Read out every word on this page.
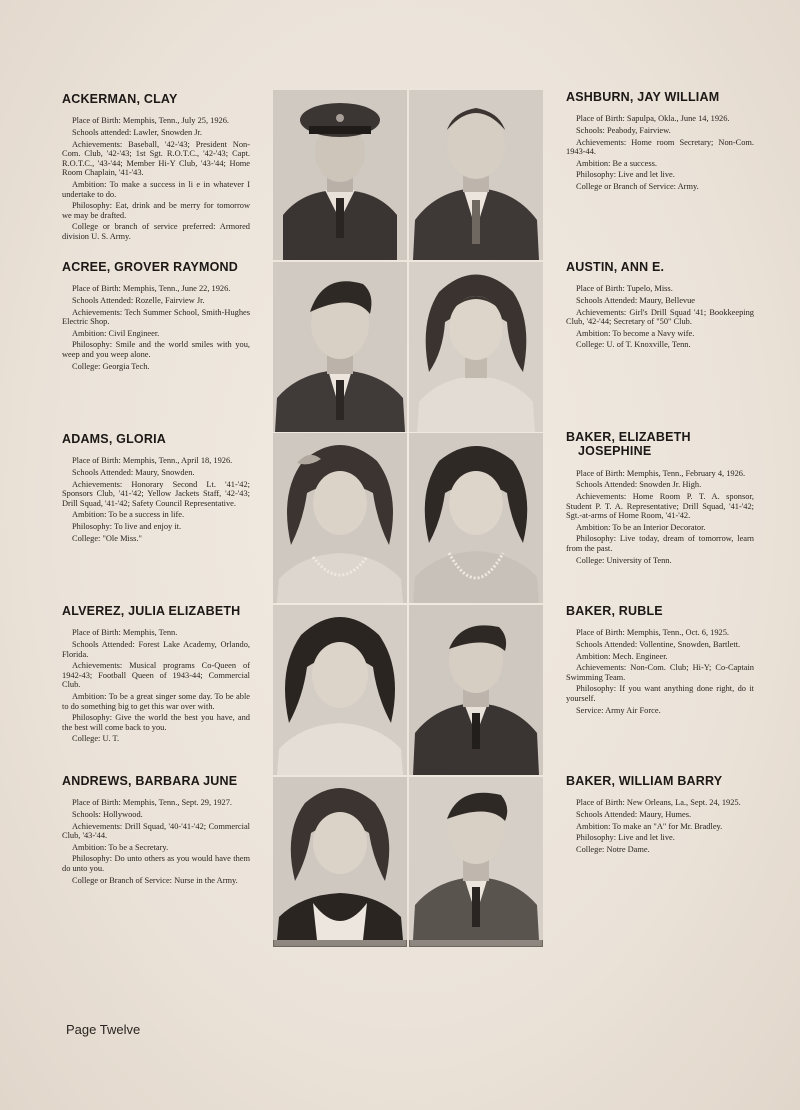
ACKERMAN, CLAY

Place of Birth: Memphis, Tenn., July 25, 1926.

Schools attended: Lawler, Snowden Jr.

Achievements: Baseball, '42-'43; President Non-Com. Club, '42-'43; 1st Sgt. R.O.T.C., '42-'43; Capt. R.O.T.C., '43-'44; Member Hi-Y Club, '43-'44; Home Room Chaplain, '41-'43.

Ambition: To make a success in li e in whatever I undertake to do.

Philosophy: Eat, drink and be merry for tomorrow we may be drafted.

College or branch of service preferred: Armored division U. S. Army.

ACREE, GROVER RAYMOND

Place of Birth: Memphis, Tenn., June 22, 1926.

Schools Attended: Rozelle, Fairview Jr.

Achievements: Tech Summer School, Smith-Hughes Electric Shop.

Ambition: Civil Engineer.

Philosophy: Smile and the world smiles with you, weep and you weep alone.

College: Georgia Tech.

ADAMS, GLORIA

Place of Birth: Memphis, Tenn., April 18, 1926.

Schools Attended: Maury, Snowden.

Achievements: Honorary Second Lt. '41-'42; Sponsors Club, '41-'42; Yellow Jackets Staff, '42-'43; Drill Squad, '41-'42; Safety Council Representative.

Ambition: To be a success in life.

Philosophy: To live and enjoy it.

College: "Ole Miss."

ALVEREZ, JULIA ELIZABETH

Place of Birth: Memphis, Tenn.

Schools Attended: Forest Lake Academy, Orlando, Florida.

Achievements: Musical programs Co-Queen of 1942-43; Football Queen of 1943-44; Commercial Club.

Ambition: To be a great singer some day. To be able to do something big to get this war over with.

Philosophy: Give the world the best you have, and the best will come back to you.

College: U. T.

ANDREWS, BARBARA JUNE

Place of Birth: Memphis, Tenn., Sept. 29, 1927.

Schools: Hollywood.

Achievements: Drill Squad, '40-'41-'42; Commercial Club, '43-'44.

Ambition: To be a Secretary.

Philosophy: Do unto others as you would have them do unto you.

College or Branch of Service: Nurse in the Army.

ASHBURN, JAY WILLIAM

Place of Birth: Sapulpa, Okla., June 14, 1926.

Schools: Peabody, Fairview.

Achievements: Home room Secretary; Non-Com. 1943-44.

Ambition: Be a success.

Philosophy: Live and let live.

College or Branch of Service: Army.

AUSTIN, ANN E.

Place of Birth: Tupelo, Miss.

Schools Attended: Maury, Bellevue

Achievements: Girl's Drill Squad '41; Bookkeeping Club, '42-'44; Secretary of "50" Club.

Ambition: To become a Navy wife.

College: U. of T. Knoxville, Tenn.

BAKER, ELIZABETH
JOSEPHINE

Place of Birth: Memphis, Tenn., February 4, 1926.

Schools Attended: Snowden Jr. High.

Achievements: Home Room P. T. A. sponsor, Student P. T. A. Representative; Drill Squad, '41-'42; Sgt.-at-arms of Home Room, '41-'42.

Ambition: To be an Interior Decorator.

Philosophy: Live today, dream of tomorrow, learn from the past.

College: University of Tenn.

BAKER, RUBLE

Place of Birth: Memphis, Tenn., Oct. 6, 1925.

Schools Attended: Vollentine, Snowden, Bartlett.

Ambition: Mech. Engineer.

Achievements: Non-Com. Club; Hi-Y; Co-Captain Swimming Team.

Philosophy: If you want anything done right, do it yourself.

Service: Army Air Force.

BAKER, WILLIAM BARRY

Place of Birth: New Orleans, La., Sept. 24, 1925.

Schools Attended: Maury, Humes.

Ambition: To make an "A" for Mr. Bradley.

Philosophy: Live and let live.

College: Notre Dame.

Page Twelve
